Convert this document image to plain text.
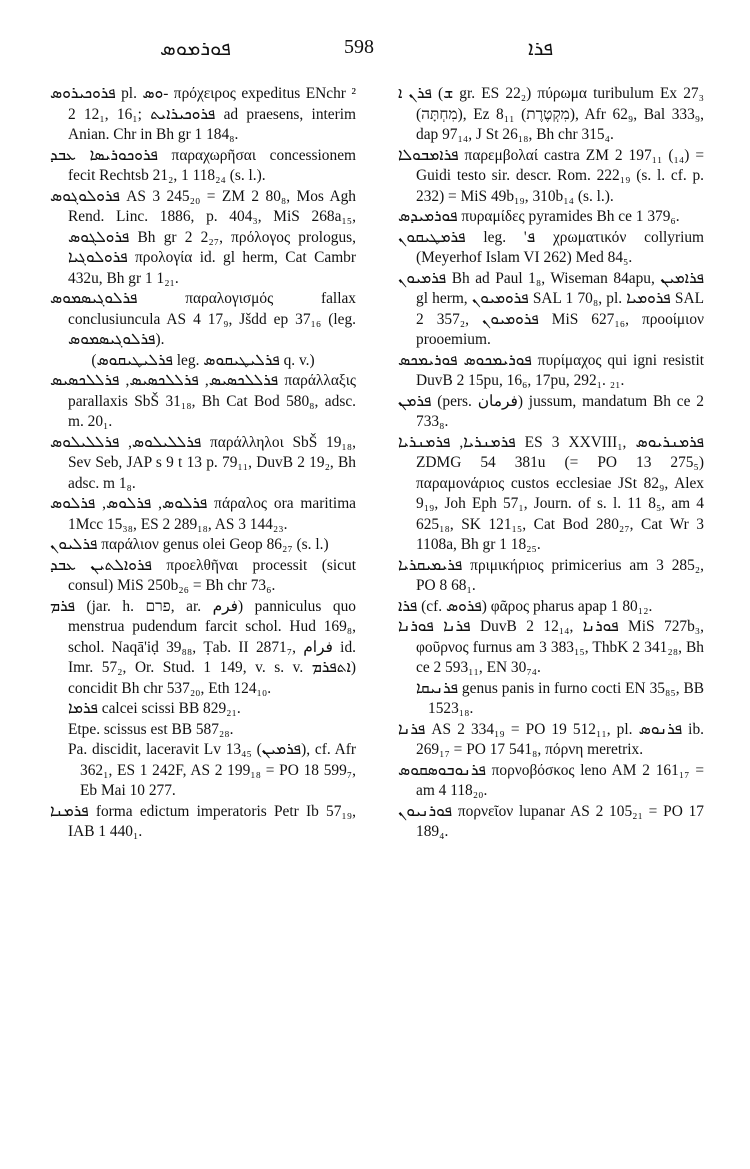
ܦܘܪܡܘܣ	598	ܦܪܐ

ܦܪܘܟܝܪܘܣ pl. ܘܣ- πρόχειρος expeditus ENchr ² 2 12₁, 16₁; ܦܪܘܟܝܪܐܝܬ ad praesens, interim Anian. Chr in Bh gr 1 184₈.

ܦܪܘܟܘܪܝܣܐ ܥܒܕ παραχωρῆσαι concessionem fecit Rechtsb 21₂, 1 118₂₄ (s. l.).

ܦܪܘܠܘܓܘܣ AS 3 245₂₀ = ZM 2 80₈, Mos Agh Rend. Linc. 1886, p. 404₃, MiS 268a₁₅, ܦܪܘܠܓܘܣ Bh gr 2 2₂₇, πρόλογος prologus, ܦܪܘܠܘܓܝܐ προλογία id. gl herm, Cat Cambr 432u, Bh gr 1 1₂₁.

ܦܪܠܘܓܝܣܡܘܣ παραλογισμός fallax conclusiuncula AS 4 17₉, Jšdd ep 37₁₆ (leg. ܦܪܠܘܓܝܣܡܘܣ).

(ܦܪܠܝܛܝܩܘܣ leg. ܦܪܠܝܛܝܩܘܣ q. v.)

ܦܪܠܠܟܣܝܣ, ܦܪܠܠܟܣܝܣ, ܦܪܠܠܟܣܝܣ παράλλαξις parallaxis SbŠ 31₁₈, Bh Cat Bod 580₈, adsc. m. 20₁.

ܦܪܠܠܝܠܘܣ, ܦܪܠܠܝܠܘܣ παράλληλοι SbŠ 19₁₈, Sev Seb, JAP s 9 t 13 p. 79₁₁, DuvB 2 19₂, Bh adsc. m 1₈.

ܦܪܠܘܣ, ܦܪܠܘܣ, ܦܪܠܘܣ πάραλος ora maritima 1Mcc 15₃₈, ES 2 289₁₈, AS 3 144₂₃.

ܦܪܠܝܘܢ παράλιον genus olei Geop 86₂₇ (s. l.)

ܦܪܘܐܠܬܝܢ ܥܒܕ προελθῆναι processit (sicut consul) MiS 250b₂₆ = Bh chr 73₆.

ܦܪܡ (jar. h. פרם, ar. فرم) panniculus quo menstrua pudendum farcit schol. Hud 169₈, schol. Naqā'iḍ 39₈₈, Ṭab. II 2871₇, فرام id. Imr. 57₂, Or. Stud. 1 149, v. s. v. ܐܬܦܪܡ) concidit Bh chr 537₂₀, Eth 124₁₀.

ܦܪܡܐ calcei scissi BB 829₂₁.

Etpe. scissus est BB 587₂₈.

Pa. discidit, laceravit Lv 13₄₅ (ܦܪܡܝܢ), cf. Afr 362₁, ES 1 242F, AS 2 199₁₈ = PO 18 599₇, Eb Mai 10 277.

ܦܪܡܢܐ forma edictum imperatoris Petr Ib 57₁₉, IAB 1 440₁.

ܦܪܢ ܐ (ܫ gr. ES 22₂) πύρωμα turibulum Ex 27₃ (מִחְתָּה), Ez 8₁₁ (מִקְטֶרֶת), Afr 62₉, Bal 333₉, dap 97₁₄, J St 26₁₈, Bh chr 315₄.

ܦܪܐܡܒܘܠܐ παρεμβολαί castra ZM 2 197₁₁ (₁₄) = Guidi testo sir. descr. Rom. 222₁₉ (s. l. cf. p. 232) = MiS 49b₁₉, 310b₁₄ (s. l.).

ܦܘܪܡܝܕܣ πυραμίδες pyramides Bh ce 1 379₆.

ܦܪܡܛܝܩܘܢ leg. 'ܦ χρωματικόν collyrium (Meyerhof Islam VI 262) Med 84₅.

ܦܪܡܝܘܢ Bh ad Paul 1₈, Wiseman 84apu, ܦܪܐܡܝܢ gl herm, ܦܪܘܡܝܘܢ SAL 1 70₈, pl. ܦܪܘܡܝܐ SAL 2 357₂, ܦܪܘܡܝܘܢ MiS 627₁₆, προοίμιον prooemium.

ܦܘܪܝܡܟܘܣ ܦܘܪܝܡܟܣ πυρίμαχος qui igni resistit DuvB 2 15pu, 16₆, 17pu, 292₁. ₂₁.

ܦܪܡܢ (pers. فرمان) jussum, mandatum Bh ce 2 733₈.

ܦܪܡܢܪܝܐ, ܦܪܡܢܪܝܐ ES 3 XXVIII₁, ܦܪܡܢܪܝܘܣ ZDMG 54 381u (= PO 13 275₅) παραμονάριος custos ecclesiae JSt 82₉, Alex 9₁₉, Joh Eph 57₁, Journ. of s. l. 11 8₅, am 4 625₁₈, SK 121₁₅, Cat Bod 280₂₇, Cat Wr 3 1108a, Bh gr 1 18₂₅.

ܦܪܝܡܝܩܪܝܐ πριμικήριος primicerius am 3 285₂, PO 8 68₁.

ܦܪܐ (cf. ܦܪܘܣ) φᾶρος pharus apap 1 80₁₂.

ܦܪܢܐ ܦܘܪܢܐ DuvB 2 12₁₄, ܦܘܪܢܐ MiS 727b₃, φοῦρνος furnus am 3 383₁₅, ThbK 2 341₂₈, Bh ce 2 593₁₁, EN 30₇₄.

ܦܪܢܝܩܐ genus panis in furno cocti EN 35₈₅, BB 1523₁₈.

ܦܪܢܐ AS 2 334₁₉ = PO 19 512₁₁, pl. ܦܪܢܘܣ ib. 269₁₇ = PO 17 541₈, πόρνη meretrix.

ܦܪܢܘܒܘܣܩܘܣ πορνοβόσκος leno AM 2 161₁₇ = am 4 118₂₀.

ܦܘܪܢܝܘܢ πορνεῖον lupanar AS 2 105₂₁ = PO 17 189₄.
